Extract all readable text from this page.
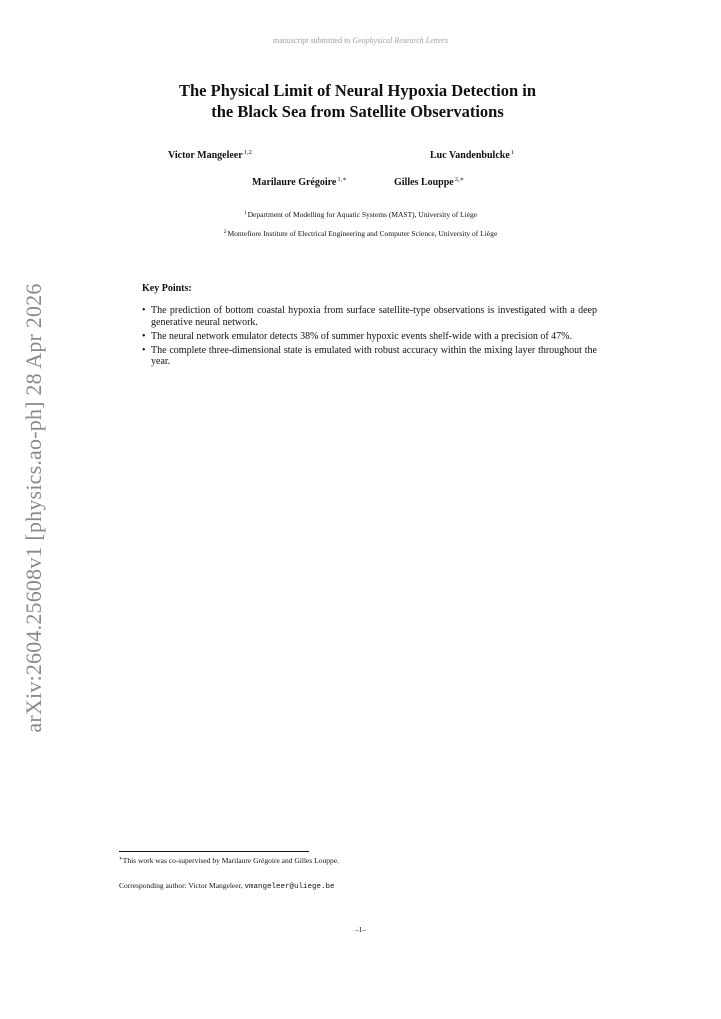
manuscript submitted to Geophysical Research Letters
The Physical Limit of Neural Hypoxia Detection in
the Black Sea from Satellite Observations
Victor Mangeleer$^{1,2}$	Luc Vandenbulcke$^1$
Marilaure Grégoire$^{1,∗}$	Gilles Louppe$^{2,∗}$
$^1$Department of Modelling for Aquatic Systems (MAST), University of Liège
$^2$Montefiore Institute of Electrical Engineering and Computer Science, University of Liège
Key Points:
• The prediction of bottom coastal hypoxia from surface satellite-type observations is investigated with a deep generative neural network.
• The neural network emulator detects 38% of summer hypoxic events shelf-wide with a precision of 47%.
• The complete three-dimensional state is emulated with robust accuracy within the mixing layer throughout the year.
arXiv:2604.25608v1 [physics.ao-ph] 28 Apr 2026
∗This work was co-supervised by Marilaure Grégoire and Gilles Louppe.
Corresponding author: Victor Mangeleer, vmangeleer@uliege.be
–1–
